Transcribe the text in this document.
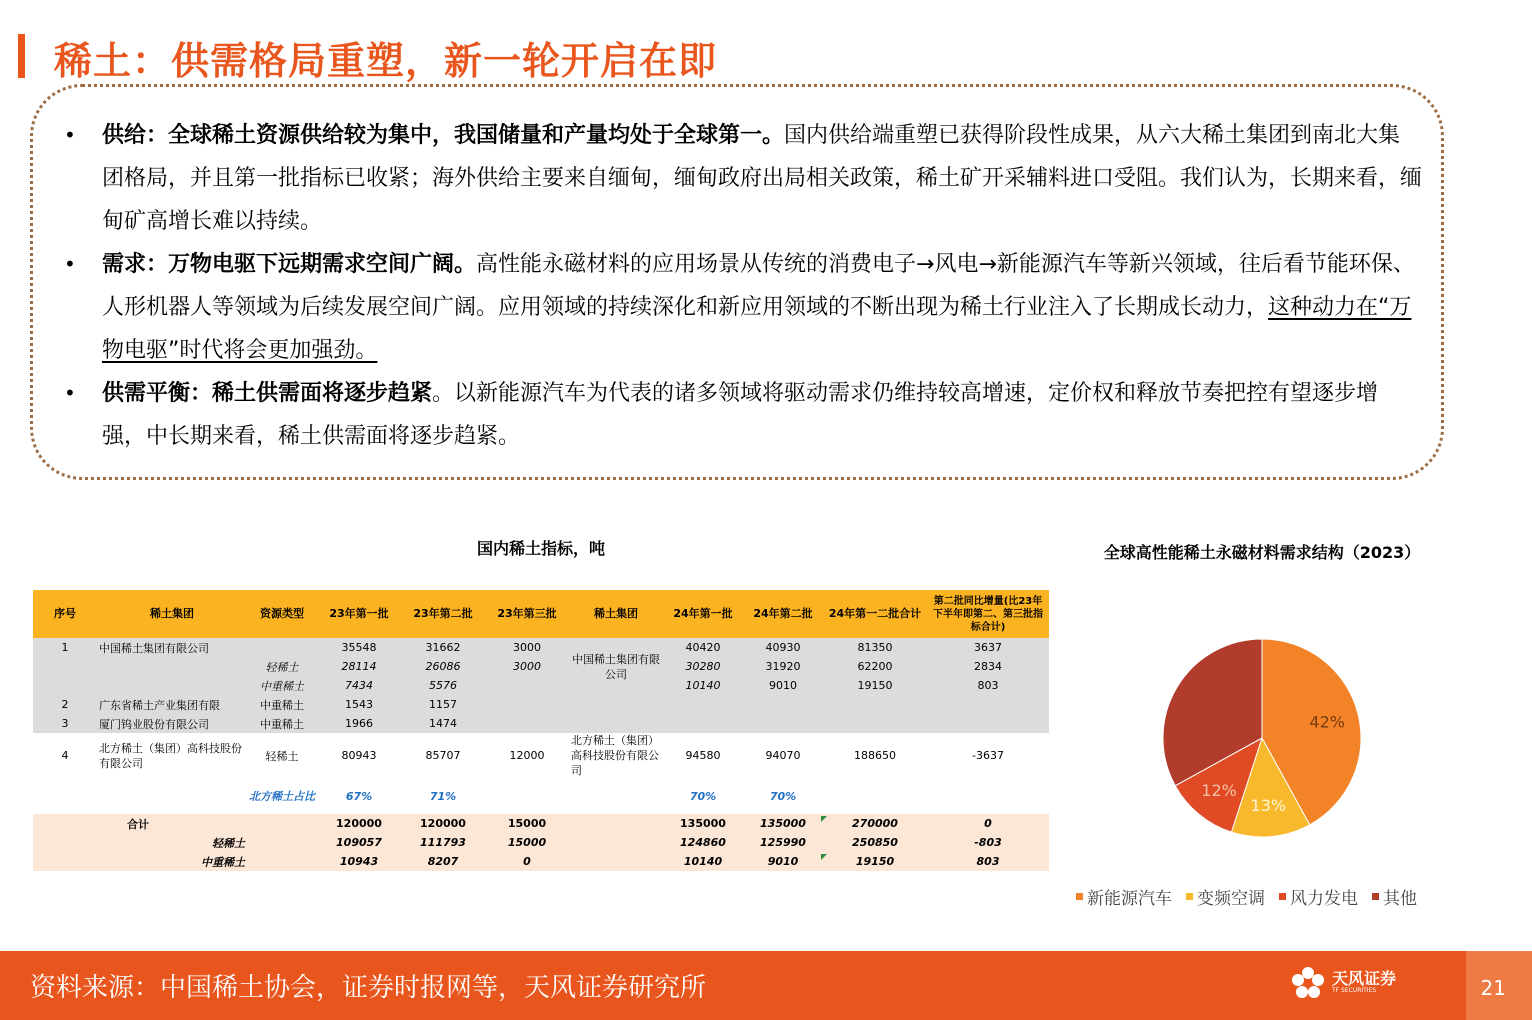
稀土：供需格局重塑，新一轮开启在即
• 供给：全球稀土资源供给较为集中，我国储量和产量均处于全球第一。国内供给端重塑已获得阶段性成果，从六大稀土集团到南北大集团格局，并且第一批指标已收紧；海外供给主要来自缅甸，缅甸政府出局相关政策，稀土矿开采辅料进口受阻。我们认为，长期来看，缅甸矿高增长难以持续。
• 需求：万物电驱下远期需求空间广阔。高性能永磁材料的应用场景从传统的消费电子→风电→新能源汽车等新兴领域，往后看节能环保、人形机器人等领域为后续发展空间广阔。应用领域的持续深化和新应用领域的不断出现为稀土行业注入了长期成长动力，这种动力在“万物电驱”时代将会更加强劲。
• 供需平衡：稀土供需面将逐步趋紧。以新能源汽车为代表的诸多领域将驱动需求仍维持较高增速，定价权和释放节奏把控有望逐步增强，中长期来看，稀土供需面将逐步趋紧。
国内稀土指标，吨
序号	稀土集团	资源类型	23年第一批	23年第二批	23年第三批	稀土集团	24年第一批	24年第二批	24年第一二批合计	第二批同比增量(比23年下半年即第二、第三批指标合计)
1	中国稀土集团有限公司		35548	31662	3000	中国稀土集团有限公司	40420	40930	81350	3637
		轻稀土	28114	26086	3000		30280	31920	62200	2834
		中重稀土	7434	5576			10140	9010	19150	803
2	广东省稀土产业集团有限	中重稀土	1543	1157						
3	厦门钨业股份有限公司	中重稀土	1966	1474						
4	北方稀土（集团）高科技股份有限公司	轻稀土	80943	85707	12000	北方稀土（集团）高科技股份有限公司	94580	94070	188650	-3637
	北方稀土占比		67%	71%			70%	70%		
	合计		120000	120000	15000		135000	135000	270000	0
	轻稀土		109057	111793	15000		124860	125990	250850	-803
	中重稀土		10943	8207	0		10140	9010	19150	803
全球高性能稀土永磁材料需求结构（2023）
42%
13%
12%
新能源汽车 变频空调 风力发电 其他
资料来源：中国稀土协会，证券时报网等，天风证券研究所	天风证券
TF SECURITIES	21
